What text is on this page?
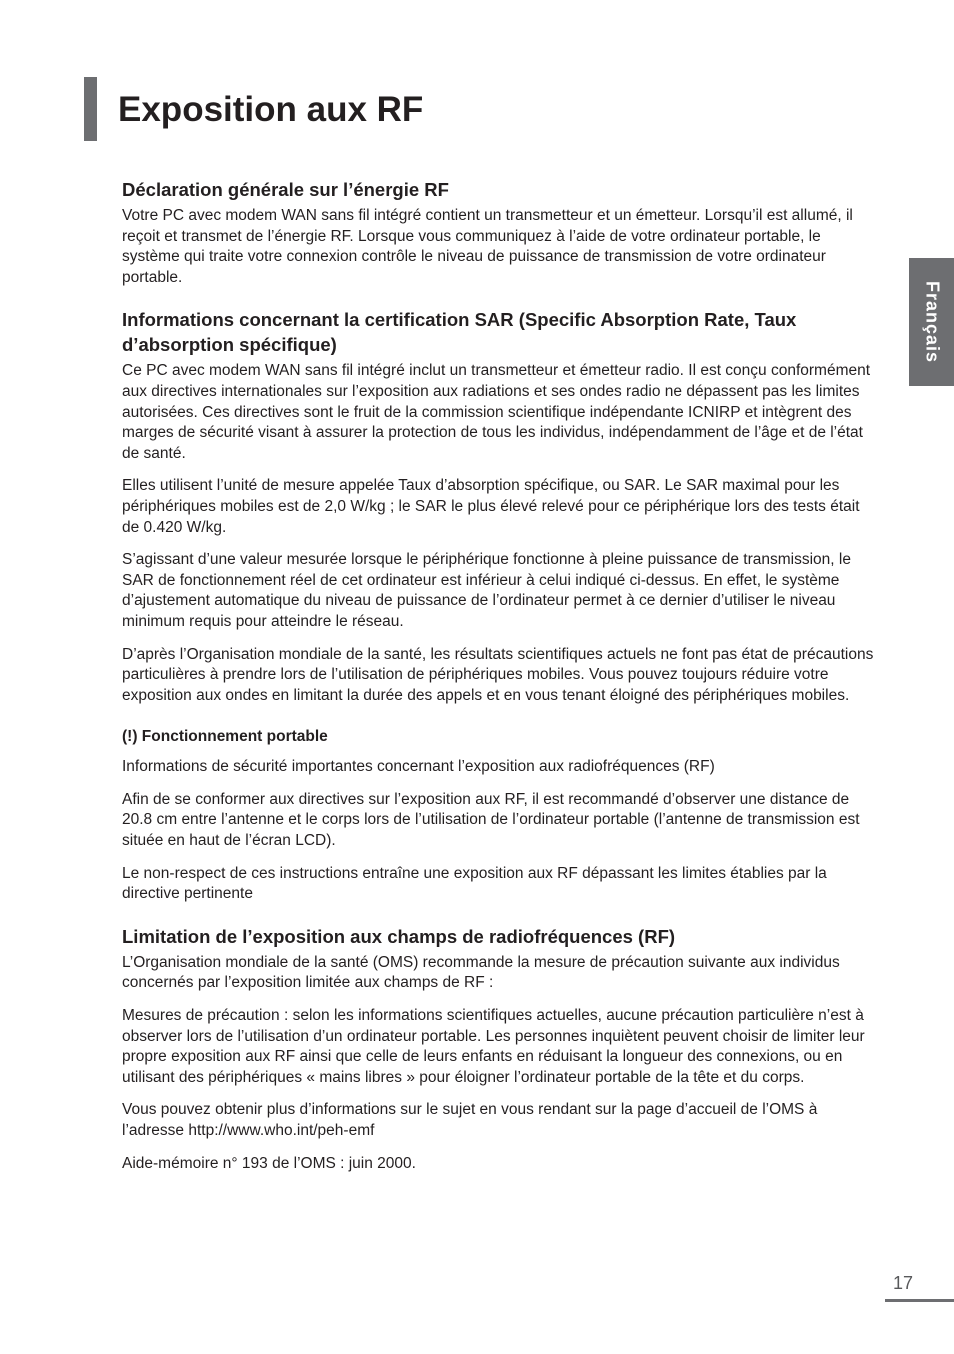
Exposition aux RF
Français
Déclaration générale sur l’énergie RF

Votre PC avec modem WAN sans fil intégré contient un transmetteur et un émetteur. Lorsqu’il est allumé, il reçoit et transmet de l’énergie RF. Lorsque vous communiquez à l’aide de votre ordinateur portable, le système qui traite votre connexion contrôle le niveau de puissance de transmission de votre ordinateur portable.

Informations concernant la certification SAR (Specific Absorption Rate, Taux d’absorption spécifique)

Ce PC avec modem WAN sans fil intégré inclut un transmetteur et émetteur radio. Il est conçu conformément aux directives internationales sur l’exposition aux radiations et ses ondes radio ne dépassent pas les limites autorisées. Ces directives sont le fruit de la commission scientifique indépendante ICNIRP et intègrent des marges de sécurité visant à assurer la protection de tous les individus, indépendamment de l’âge et de l’état de santé.

Elles utilisent l’unité de mesure appelée Taux d’absorption spécifique, ou SAR. Le SAR maximal pour les périphériques mobiles est de 2,0 W/kg ; le SAR le plus élevé relevé pour ce périphérique lors des tests était de 0.420 W/kg.

S’agissant d’une valeur mesurée lorsque le périphérique fonctionne à pleine puissance de transmission, le SAR de fonctionnement réel de cet ordinateur est inférieur à celui indiqué ci-dessus. En effet, le système d’ajustement automatique du niveau de puissance de l’ordinateur permet à ce dernier d’utiliser le niveau minimum requis pour atteindre le réseau.

D’après l’Organisation mondiale de la santé, les résultats scientifiques actuels ne font pas état de précautions particulières à prendre lors de l’utilisation de périphériques mobiles. Vous pouvez toujours réduire votre exposition aux ondes en limitant la durée des appels et en vous tenant éloigné des périphériques mobiles.

(!) Fonctionnement portable

Informations de sécurité importantes concernant l’exposition aux radiofréquences (RF)

Afin de se conformer aux directives sur l’exposition aux RF, il est recommandé d’observer une distance de 20.8 cm entre l’antenne et le corps lors de l’utilisation de l’ordinateur portable (l’antenne de transmission est située en haut de l’écran LCD).

Le non-respect de ces instructions entraîne une exposition aux RF dépassant les limites établies par la directive pertinente

Limitation de l’exposition aux champs de radiofréquences (RF)

L’Organisation mondiale de la santé (OMS) recommande la mesure de précaution suivante aux individus concernés par l’exposition limitée aux champs de RF :

Mesures de précaution : selon les informations scientifiques actuelles, aucune précaution particulière n’est à observer lors de l’utilisation d’un ordinateur portable. Les personnes inquiètent peuvent choisir de limiter leur propre exposition aux RF ainsi que celle de leurs enfants en réduisant la longueur des connexions, ou en utilisant des périphériques « mains libres » pour éloigner l’ordinateur portable de la tête et du corps.

Vous pouvez obtenir plus d’informations sur le sujet en vous rendant sur la page d’accueil de l’OMS à l’adresse http://www.who.int/peh-emf

Aide-mémoire n° 193 de l’OMS : juin 2000.

17
